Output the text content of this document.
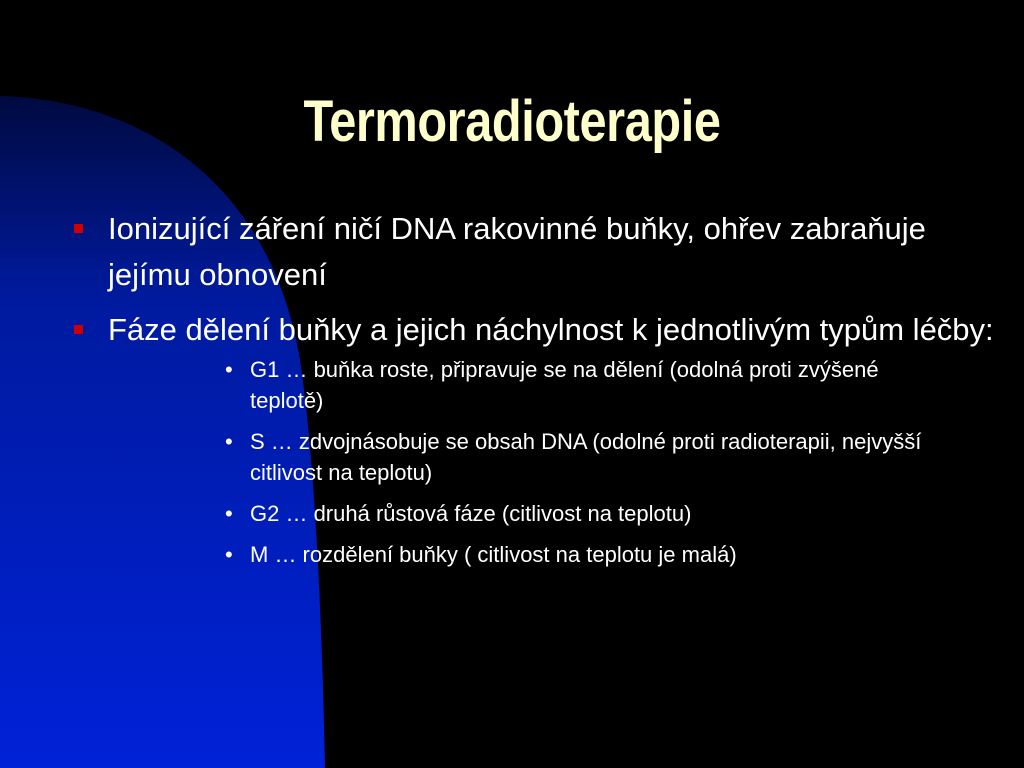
Termoradioterapie
Ionizující záření ničí DNA rakovinné buňky, ohřev zabraňuje jejímu obnovení
Fáze dělení buňky a jejich náchylnost k jednotlivým typům léčby:
• G1 … buňka roste, připravuje se na dělení (odolná proti zvýšené teplotě)
• S … zdvojnásobuje se obsah DNA (odolné proti radioterapii, nejvyšší citlivost na teplotu)
• G2 … druhá růstová fáze (citlivost na teplotu)
• M … rozdělení buňky ( citlivost na teplotu je malá)
